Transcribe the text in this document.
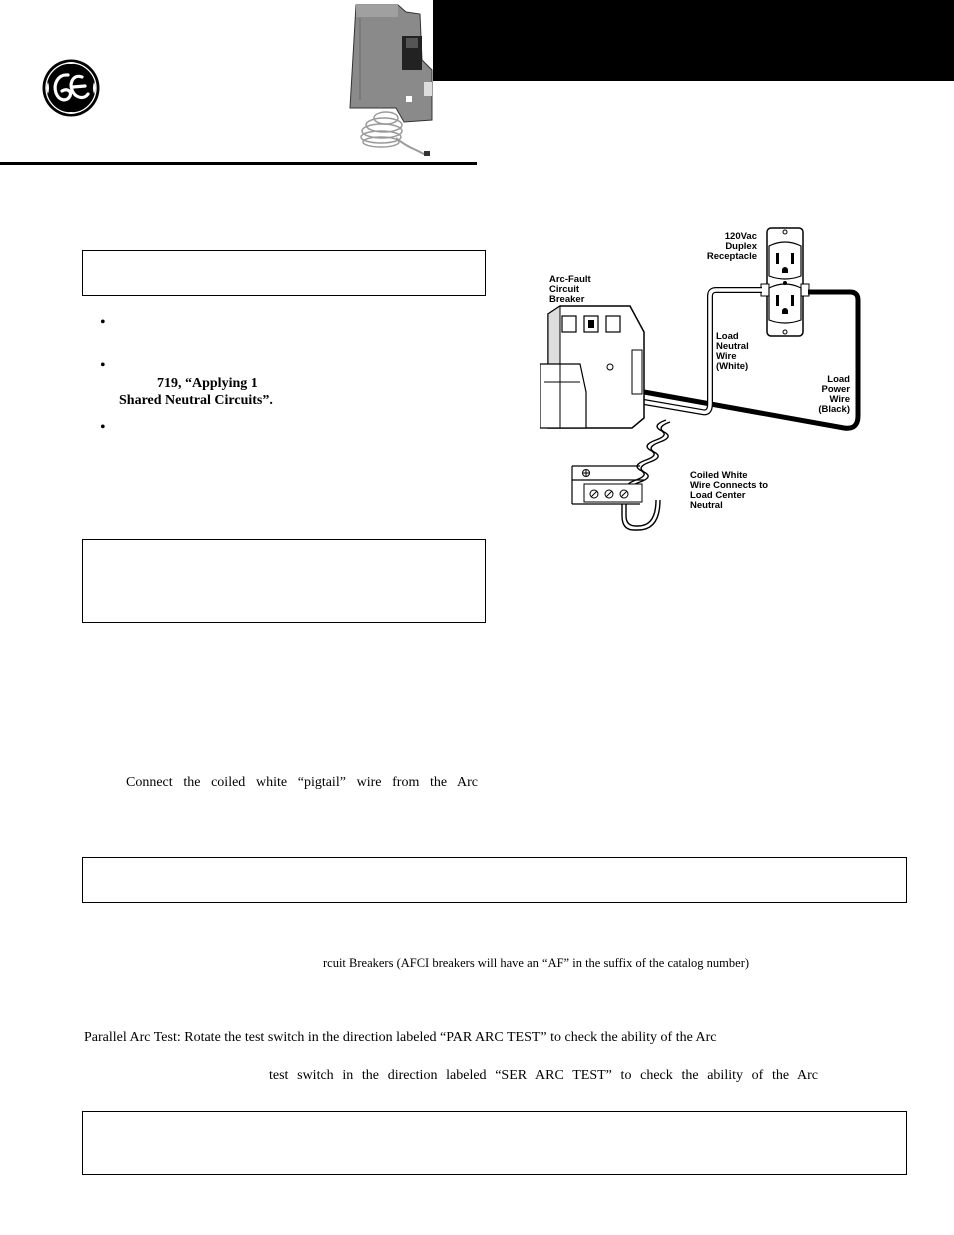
•
•
719, “Applying 1
Shared Neutral Circuits”.
•
Connect the coiled white “pigtail” wire from the Arc
120Vac
Duplex
Receptacle
Arc-Fault
Circuit
Breaker
Load
Neutral
Wire
(White)
Load
Power
Wire
(Black)
Coiled White
Wire Connects to
Load Center
Neutral
rcuit Breakers (AFCI breakers will have an “AF” in the suffix of the catalog number)
Parallel Arc Test: Rotate the test switch in the direction labeled “PAR ARC TEST” to check the ability of the Arc
test switch in the direction labeled “SER ARC TEST” to check the ability of the Arc
